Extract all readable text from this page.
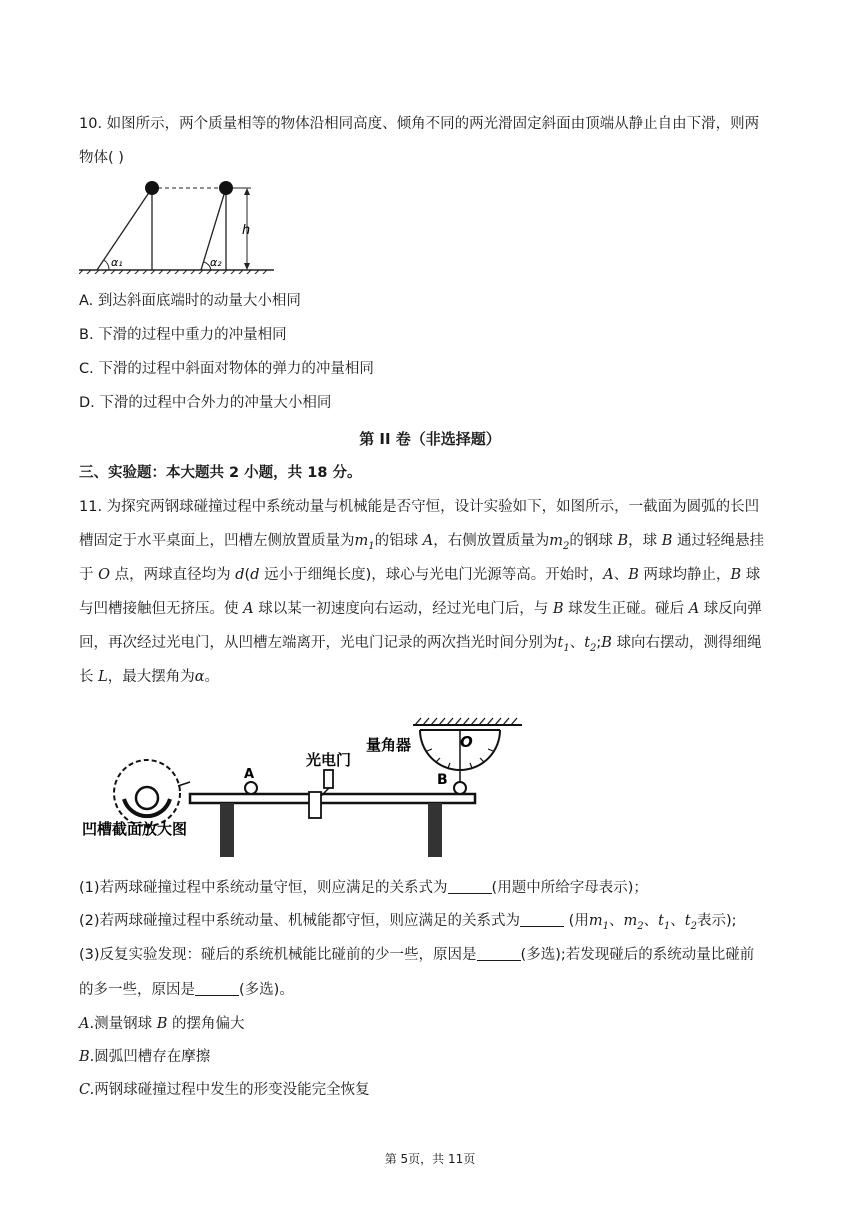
10. 如图所示，两个质量相等的物体沿相同高度、倾角不同的两光滑固定斜面由顶端从静止自由下滑，则两
物体( )
h
α₁	α₂
A. 到达斜面底端时的动量大小相同
B. 下滑的过程中重力的冲量相同
C. 下滑的过程中斜面对物体的弹力的冲量相同
D. 下滑的过程中合外力的冲量大小相同
第 II 卷（非选择题）
三、实验题：本大题共 2 小题，共 18 分。
11. 为探究两钢球碰撞过程中系统动量与机械能是否守恒，设计实验如下，如图所示，一截面为圆弧的长凹
槽固定于水平桌面上，凹槽左侧放置质量为$m_1$的铝球 A，右侧放置质量为$m_2$的钢球 B，球 B 通过轻绳悬挂
于 O 点，两球直径均为 d(d 远小于细绳长度)，球心与光电门光源等高。开始时，A、B 两球均静止，B 球
与凹槽接触但无挤压。使 A 球以某一初速度向右运动，经过光电门后，与 B 球发生正碰。碰后 A 球反向弹
回，再次经过光电门，从凹槽左端离开，光电门记录的两次挡光时间分别为$t_1$、$t_2;B$ 球向右摆动，测得细绳
长 L，最大摆角为α。
凹槽截面放大图
A
光电门
O
量角器
B
(1)若两球碰撞过程中系统动量守恒，则应满足的关系式为	(用题中所给字母表示)；
(2)若两球碰撞过程中系统动量、机械能都守恒，则应满足的关系式为	(用$m_1$、$m_2$、$t_1$、$t_2$表示);
(3)反复实验发现：碰后的系统机械能比碰前的少一些，原因是	(多选);若发现碰后的系统动量比碰前
的多一些，原因是	(多选)。
A.测量钢球 B 的摆角偏大
B.圆弧凹槽存在摩擦
C.两钢球碰撞过程中发生的形变没能完全恢复
第 5页，共 11页
